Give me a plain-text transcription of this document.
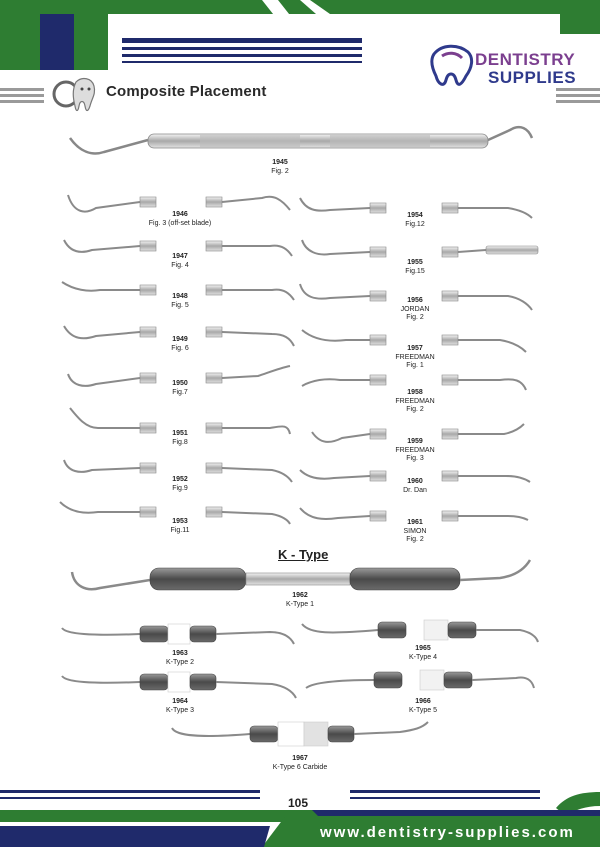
Composite Placement
DENTISTRY
SUPPLIES
1945
Fig. 2
1946
Fig. 3 (off-set blade)
1947
Fig. 4
1948
Fig. 5
1949
Fig. 6
1950
Fig.7
1951
Fig.8
1952
Fig.9
1953
Fig.11
1954
Fig.12
1955
Fig.15
1956
JORDAN
Fig. 2
1957
FREEDMAN
Fig. 1
1958
FREEDMAN
Fig. 2
1959
FREEDMAN
Fig. 3
1960
Dr. Dan
1961
SIMON
Fig. 2
K - Type
1962
K-Type 1
1963
K-Type 2
1964
K-Type 3
1965
K-Type 4
1966
K-Type 5
1967
K-Type 6 Carbide
105
www.dentistry-supplies.com
